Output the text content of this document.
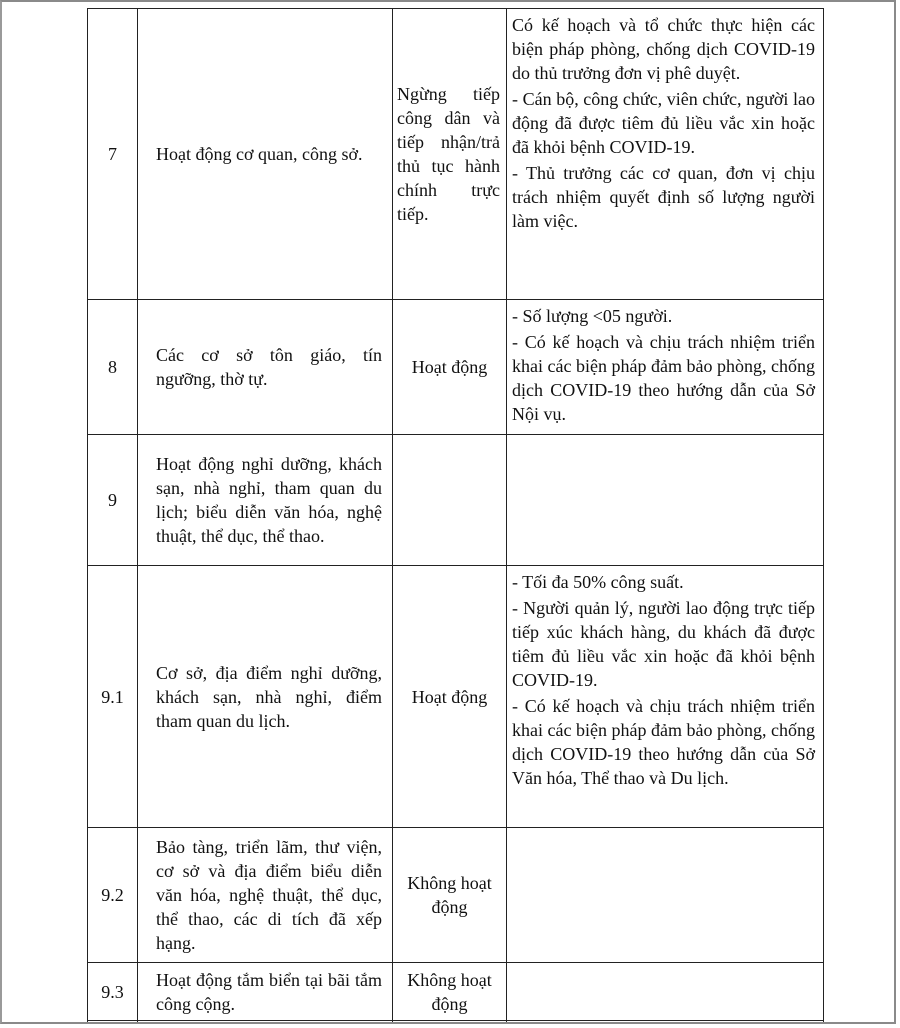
7	Hoạt động cơ quan, công sở.	Ngừng tiếp công dân và tiếp nhận/trả thủ tục hành chính trực tiếp.	Có kế hoạch và tổ chức thực hiện các biện pháp phòng, chống dịch COVID-19 do thủ trưởng đơn vị phê duyệt.

- Cán bộ, công chức, viên chức, người lao động đã được tiêm đủ liều vắc xin hoặc đã khỏi bệnh COVID-19.

- Thủ trưởng các cơ quan, đơn vị chịu trách nhiệm quyết định số lượng người làm việc.

8	Các cơ sở tôn giáo, tín ngưỡng, thờ tự.	Hoạt động	- Số lượng <05 người.

- Có kế hoạch và chịu trách nhiệm triển khai các biện pháp đảm bảo phòng, chống dịch COVID-19 theo hướng dẫn của Sở Nội vụ.

9	Hoạt động nghỉ dưỡng, khách sạn, nhà nghỉ, tham quan du lịch; biểu diễn văn hóa, nghệ thuật, thể dục, thể thao.		
9.1	Cơ sở, địa điểm nghỉ dưỡng, khách sạn, nhà nghỉ, điểm tham quan du lịch.	Hoạt động	- Tối đa 50% công suất.

- Người quản lý, người lao động trực tiếp tiếp xúc khách hàng, du khách đã được tiêm đủ liều vắc xin hoặc đã khỏi bệnh COVID-19.

- Có kế hoạch và chịu trách nhiệm triển khai các biện pháp đảm bảo phòng, chống dịch COVID-19 theo hướng dẫn của Sở Văn hóa, Thể thao và Du lịch.

9.2	Bảo tàng, triển lãm, thư viện, cơ sở và địa điểm biểu diễn văn hóa, nghệ thuật, thể dục, thể thao, các di tích đã xếp hạng.	Không hoạt động	
9.3	Hoạt động tắm biển tại bãi tắm công cộng.	Không hoạt động	
